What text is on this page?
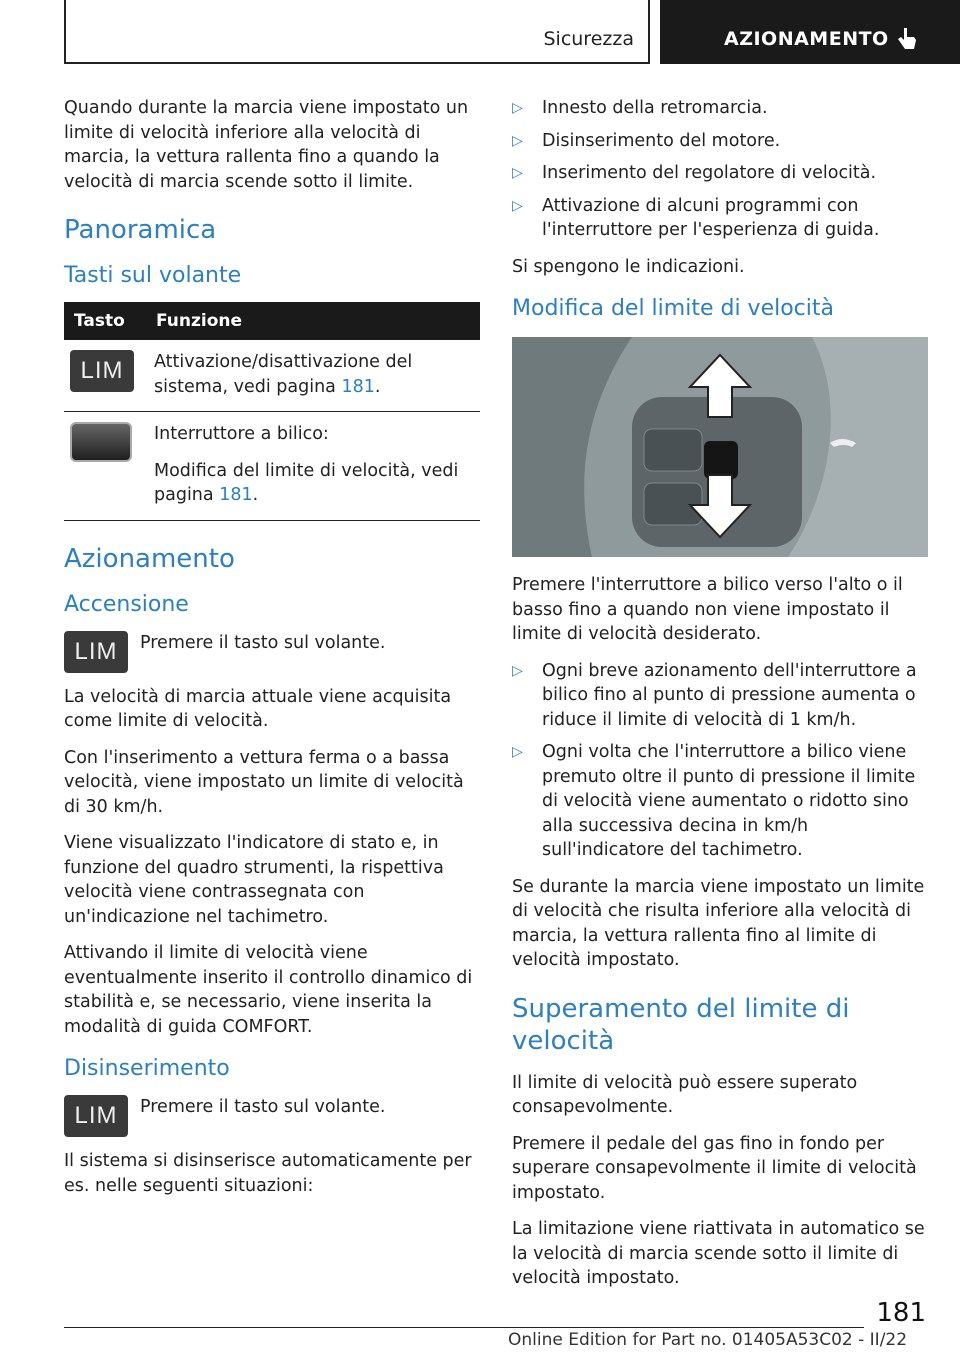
Sicurezza	AZIONAMENTO

Quando durante la marcia viene impostato un limite di velocità inferiore alla velocità di marcia, la vettura rallenta fino a quando la velocità di marcia scende sotto il limite.

Panoramica
Tasti sul volante
Tasto	Funzione
LIM	Attivazione/disattivazione del sistema, vedi pagina 181.

	Interruttore a bilico:

Modifica del limite di velocità, vedi pagina 181.
Azionamento
Accensione
LIM	Premere il tasto sul volante.

La velocità di marcia attuale viene acquisita come limite di velocità.

Con l'inserimento a vettura ferma o a bassa velocità, viene impostato un limite di velocità di 30 km/h.

Viene visualizzato l'indicatore di stato e, in funzione del quadro strumenti, la rispettiva velocità viene contrassegnata con un'indicazione nel tachimetro.

Attivando il limite di velocità viene eventualmente inserito il controllo dinamico di stabilità e, se necessario, viene inserita la modalità di guida COMFORT.

Disinserimento
LIM	Premere il tasto sul volante.

Il sistema si disinserisce automaticamente per es. nelle seguenti situazioni:

▷ Innesto della retromarcia.
▷ Disinserimento del motore.
▷ Inserimento del regolatore di velocità.
▷ Attivazione di alcuni programmi con l'interruttore per l'esperienza di guida.

Si spengono le indicazioni.

Modifica del limite di velocità

Premere l'interruttore a bilico verso l'alto o il basso fino a quando non viene impostato il limite di velocità desiderato.

▷ Ogni breve azionamento dell'interruttore a bilico fino al punto di pressione aumenta o riduce il limite di velocità di 1 km/h.
▷ Ogni volta che l'interruttore a bilico viene premuto oltre il punto di pressione il limite di velocità viene aumentato o ridotto sino alla successiva decina in km/h sull'indicatore del tachimetro.

Se durante la marcia viene impostato un limite di velocità che risulta inferiore alla velocità di marcia, la vettura rallenta fino al limite di velocità impostato.

Superamento del limite di velocità

Il limite di velocità può essere superato consapevolmente.

Premere il pedale del gas fino in fondo per superare consapevolmente il limite di velocità impostato.

La limitazione viene riattivata in automatico se la velocità di marcia scende sotto il limite di velocità impostato.

181
Online Edition for Part no. 01405A53C02 - II/22
